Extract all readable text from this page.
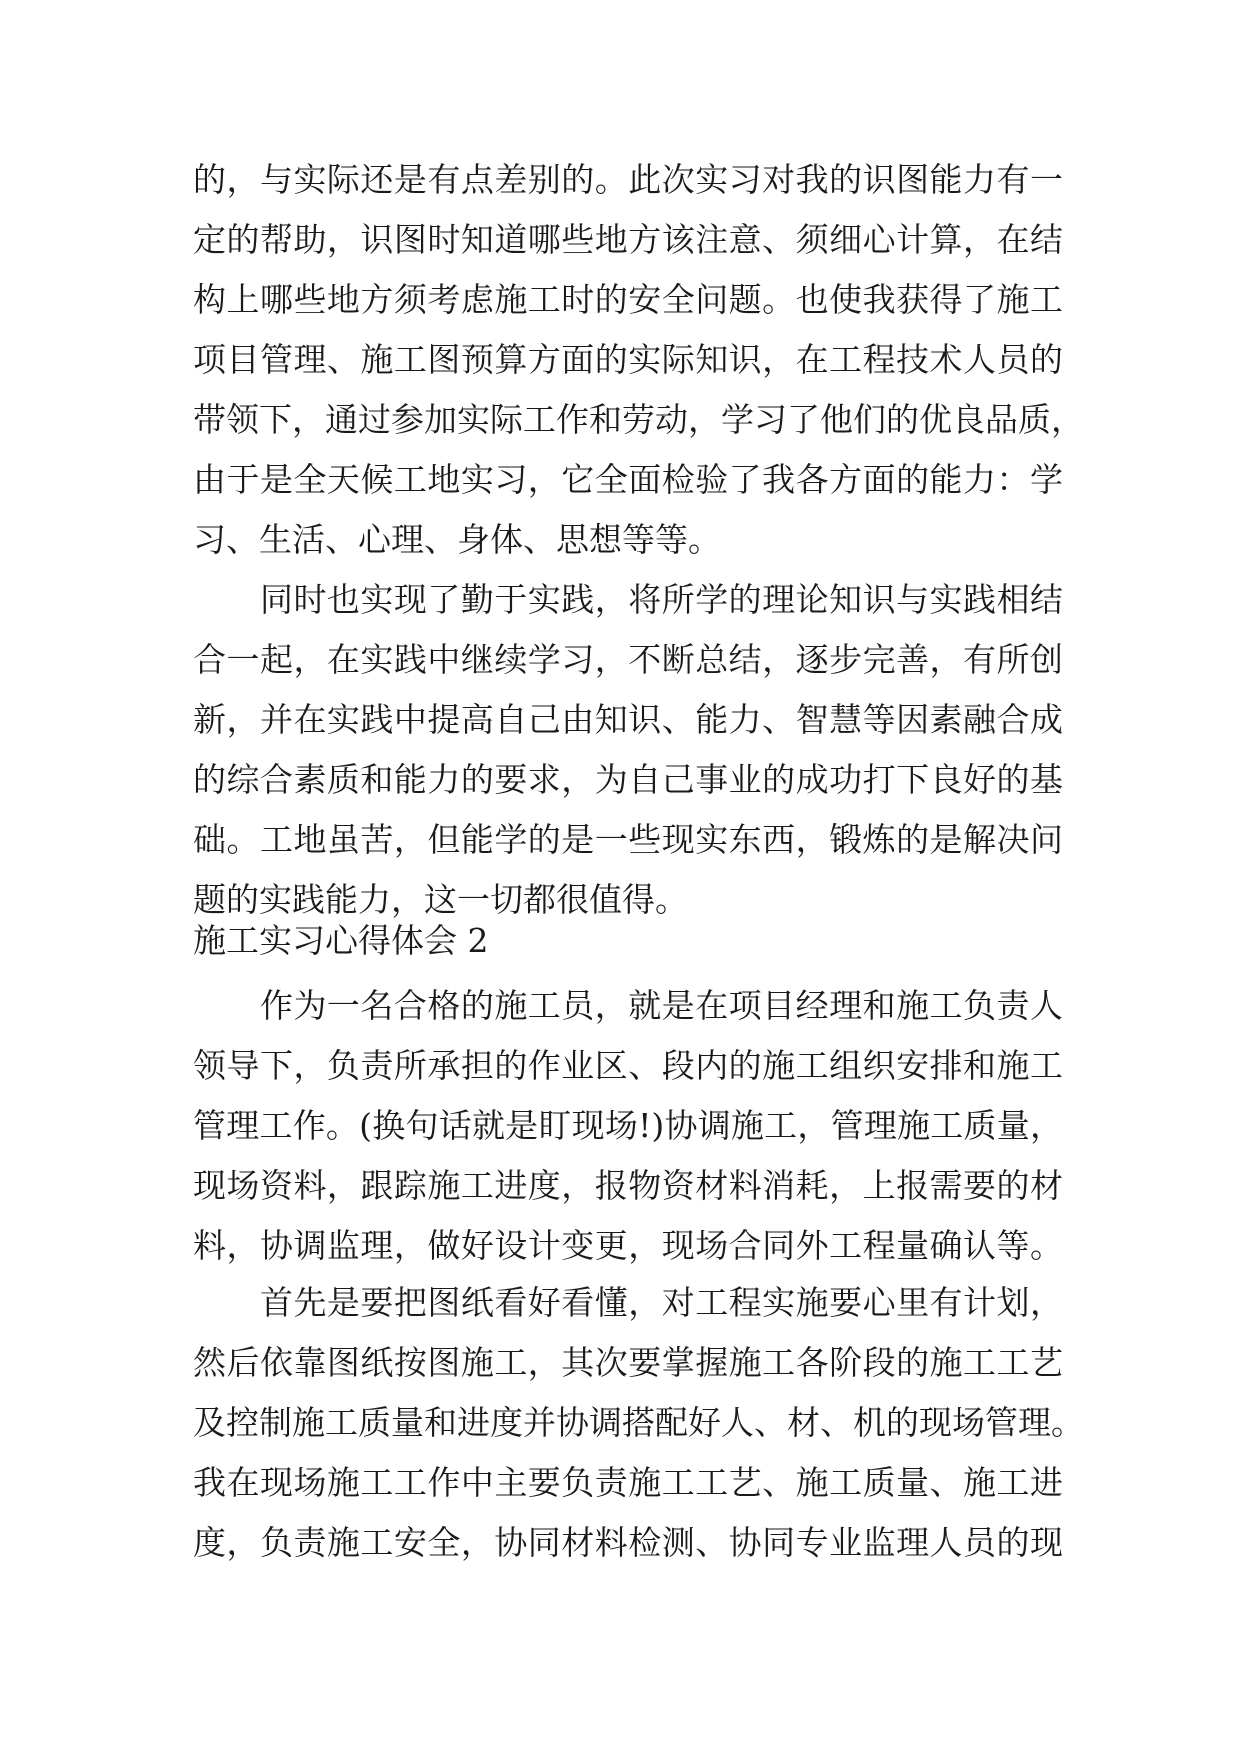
的，与实际还是有点差别的。此次实习对我的识图能力有一
定的帮助，识图时知道哪些地方该注意、须细心计算，在结
构上哪些地方须考虑施工时的安全问题。也使我获得了施工
项目管理、施工图预算方面的实际知识，在工程技术人员的
带领下，通过参加实际工作和劳动，学习了他们的优良品质，
由于是全天候工地实习，它全面检验了我各方面的能力：学
习、生活、心理、身体、思想等等。
　　同时也实现了勤于实践，将所学的理论知识与实践相结
合一起，在实践中继续学习，不断总结，逐步完善，有所创
新，并在实践中提高自己由知识、能力、智慧等因素融合成
的综合素质和能力的要求，为自己事业的成功打下良好的基
础。工地虽苦，但能学的是一些现实东西，锻炼的是解决问
题的实践能力，这一切都很值得。
施工实习心得体会 2
　　作为一名合格的施工员，就是在项目经理和施工负责人
领导下，负责所承担的作业区、段内的施工组织安排和施工
管理工作。(换句话就是盯现场!)协调施工，管理施工质量，
现场资料，跟踪施工进度，报物资材料消耗，上报需要的材
料，协调监理，做好设计变更，现场合同外工程量确认等。
　　首先是要把图纸看好看懂，对工程实施要心里有计划，
然后依靠图纸按图施工，其次要掌握施工各阶段的施工工艺
及控制施工质量和进度并协调搭配好人、材、机的现场管理。
我在现场施工工作中主要负责施工工艺、施工质量、施工进
度，负责施工安全，协同材料检测、协同专业监理人员的现
